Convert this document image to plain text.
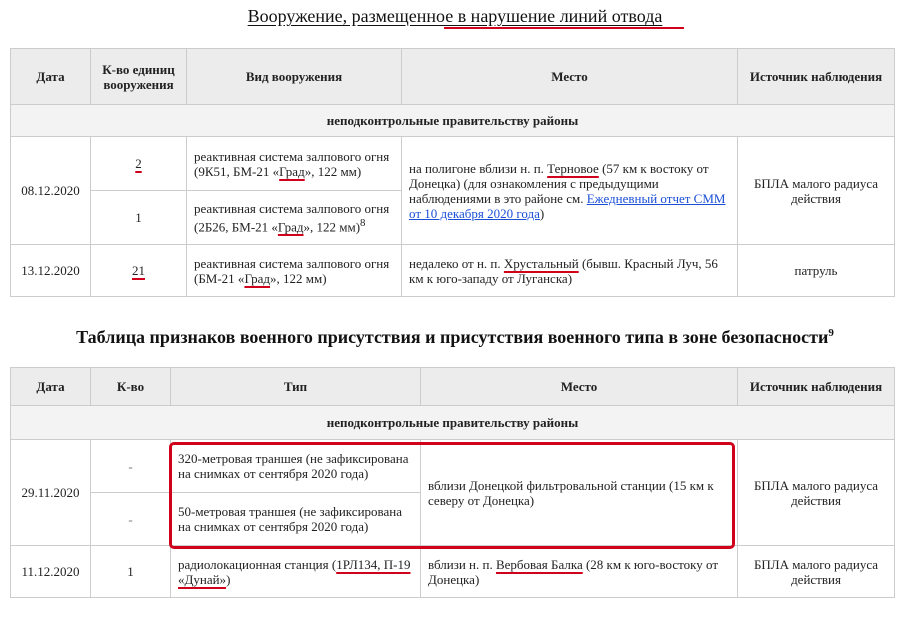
Вооружение, размещенное в нарушение линий отвода
Дата	К-во единиц вооружения	Вид вооружения	Место	Источник наблюдения
неподконтрольные правительству районы				
08.12.2020	2	реактивная система залпового огня (9К51, БМ-21 «Град», 122 мм)	на полигоне вблизи н. п. Терновое (57 км к востоку от Донецка) (для ознакомления с предыдущими наблюдениями в это районе см. Ежедневный отчет СММ от 10 декабря 2020 года)	БПЛА малого радиуса действия
	1	реактивная система залпового огня (2Б26, БМ-21 «Град», 122 мм)$^8$
13.12.2020	21	реактивная система залпового огня (БМ-21 «Град», 122 мм)	недалеко от н. п. Хрустальный (бывш. Красный Луч, 56 км к юго-западу от Луганска)	патруль
Таблица признаков военного присутствия и присутствия военного типа в зоне безопасности$^9$
Дата	К-во	Тип	Место	Источник наблюдения
неподконтрольные правительству районы				
29.11.2020	-	320-метровая траншея (не зафиксирована на снимках от сентября 2020 года)	вблизи Донецкой фильтровальной станции (15 км к северу от Донецка)	БПЛА малого радиуса действия
	-	50-метровая траншея (не зафиксирована на снимках от сентября 2020 года)		
11.12.2020	1	радиолокационная станция (1РЛ134, П-19 «Дунай»)	вблизи н. п. Вербовая Балка (28 км к юго-востоку от Донецка)	БПЛА малого радиуса действия
